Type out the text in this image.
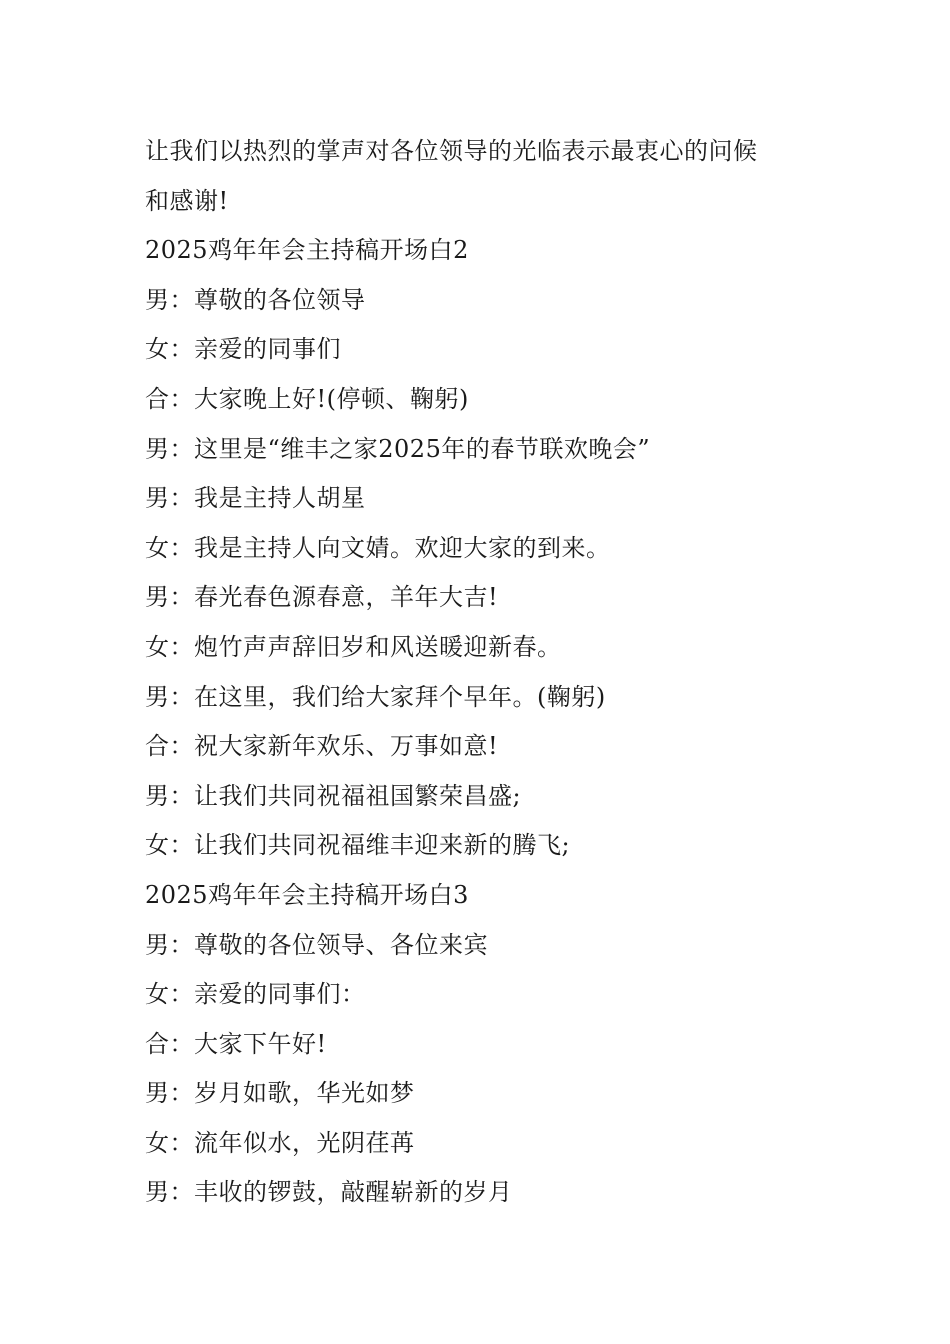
让我们以热烈的掌声对各位领导的光临表示最衷心的问候
和感谢!
2025鸡年年会主持稿开场白2
男：尊敬的各位领导
女：亲爱的同事们
合：大家晚上好!(停顿、鞠躬)
男：这里是“维丰之家2025年的春节联欢晚会”
男：我是主持人胡星
女：我是主持人向文婧。欢迎大家的到来。
男：春光春色源春意，羊年大吉!
女：炮竹声声辞旧岁和风送暖迎新春。
男：在这里，我们给大家拜个早年。(鞠躬)
合：祝大家新年欢乐、万事如意!
男：让我们共同祝福祖国繁荣昌盛;
女：让我们共同祝福维丰迎来新的腾飞;
2025鸡年年会主持稿开场白3
男：尊敬的各位领导、各位来宾
女：亲爱的同事们：
合：大家下午好!
男：岁月如歌，华光如梦
女：流年似水，光阴荏苒
男：丰收的锣鼓，敲醒崭新的岁月
